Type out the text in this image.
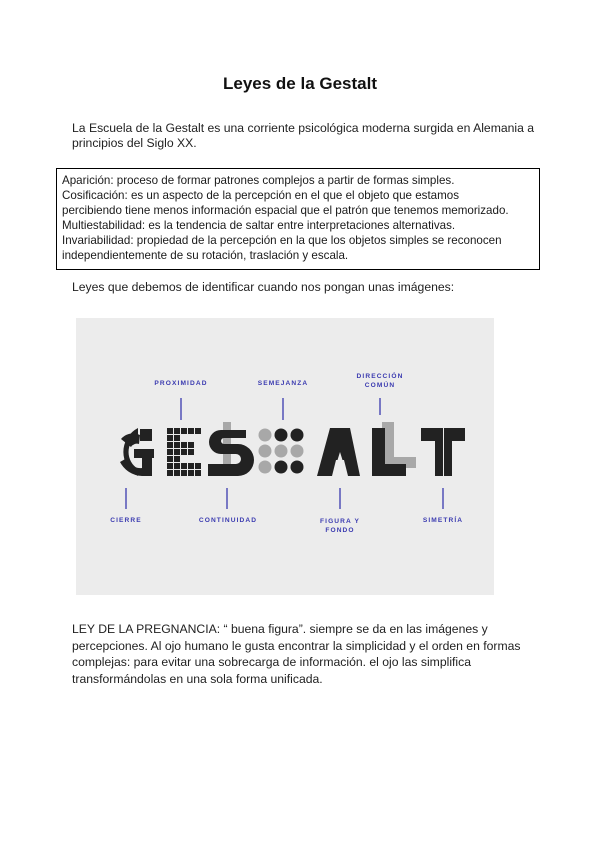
Leyes de la Gestalt
La Escuela de la Gestalt es una corriente psicológica moderna surgida en Alemania a principios del Siglo XX.
Aparición: proceso de formar patrones complejos a partir de formas simples.
Cosificación: es un aspecto de la percepción en el que el objeto que estamos
percibiendo tiene menos información espacial que el patrón que tenemos memorizado.
Multiestabilidad: es la tendencia de saltar entre interpretaciones alternativas.
Invariabilidad: propiedad de la percepción en la que los objetos simples se reconocen
independientemente de su rotación, traslación y escala.
Leyes que debemos de identificar cuando nos pongan unas imágenes:
PROXIMIDAD	SEMEJANZA
DIRECCIÓN
COMÚN
CIERRE	CONTINUIDAD	FIGURA Y
FONDO
SIMETRÍA
LEY DE LA PREGNANCIA: “ buena figura”. siempre se da en las imágenes y percepciones. Al ojo humano le gusta encontrar la simplicidad y el orden en formas complejas: para evitar una sobrecarga de información. el ojo las simplifica transformándolas en una sola forma unificada.
